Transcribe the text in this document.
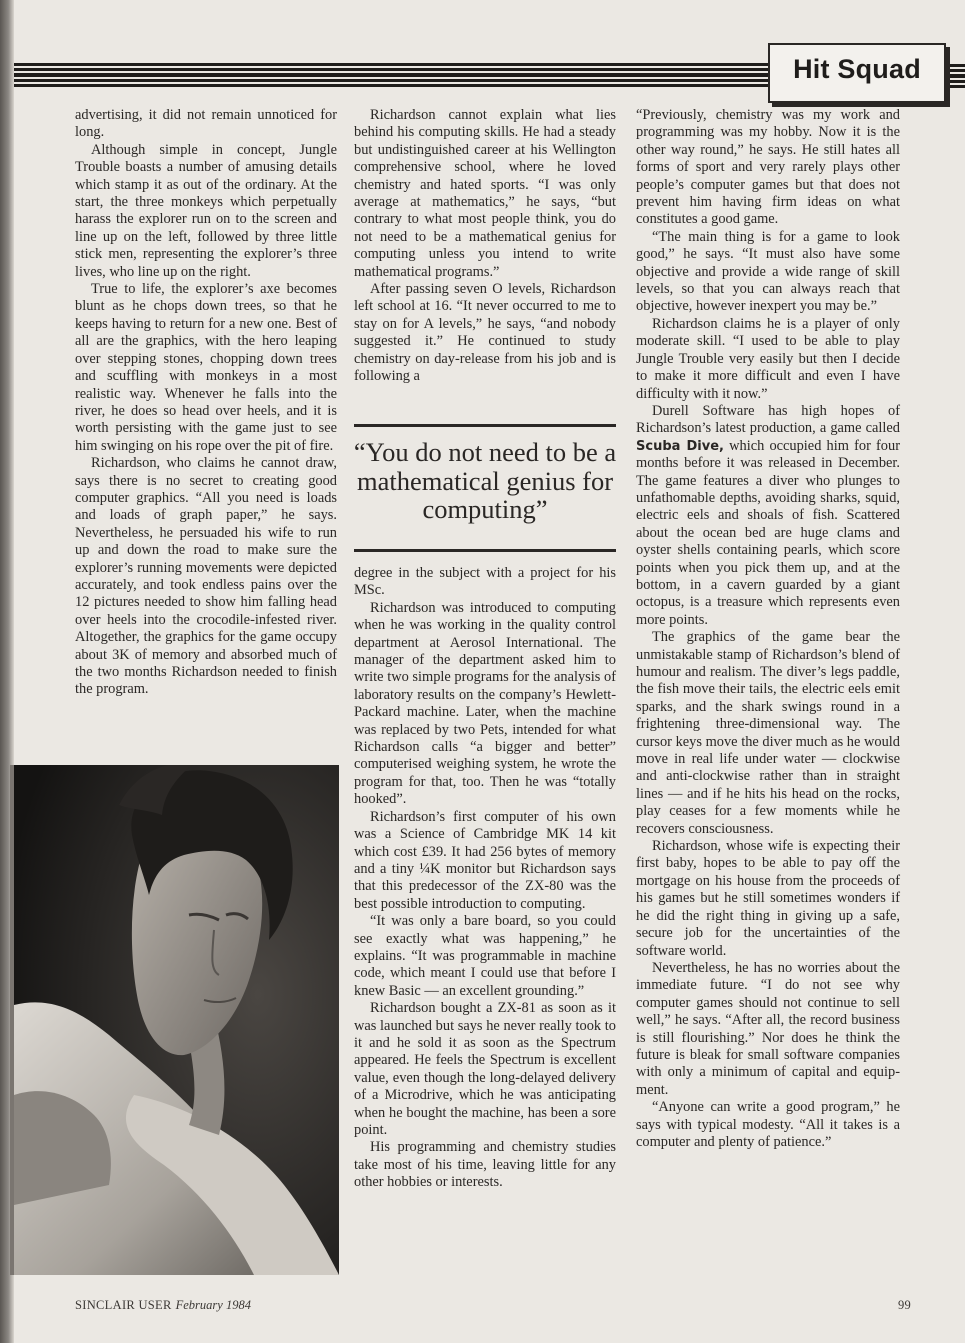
Hit Squad

advertising, it did not remain unnoticed for long.

Although simple in concept, Jungle Trouble boasts a number of amusing details which stamp it as out of the ordinary. At the start, the three monkeys which perpetually harass the explorer run on to the screen and line up on the left, followed by three little stick men, representing the explorer’s three lives, who line up on the right.

True to life, the explorer’s axe becomes blunt as he chops down trees, so that he keeps having to return for a new one. Best of all are the graphics, with the hero leaping over stepping stones, chopping down trees and scuffling with monkeys in a most realistic way. Whenever he falls into the river, he does so head over heels, and it is worth persisting with the game just to see him swinging on his rope over the pit of fire.

Richardson, who claims he cannot draw, says there is no secret to creating good computer graphics. “All you need is loads and loads of graph paper,” he says. Nevertheless, he persuaded his wife to run up and down the road to make sure the explorer’s running movements were depicted accurately, and took endless pains over the 12 pictures needed to show him falling head over heels into the crocodile-infested river. Altogether, the graphics for the game occupy about 3K of memory and absorbed much of the two months Richardson needed to finish the program.

Richardson cannot explain what lies behind his computing skills. He had a steady but undistinguished career at his Wellington comprehensive school, where he loved chemistry and hated sports. “I was only average at mathematics,” he says, “but contrary to what most people think, you do not need to be a mathematical genius for computing unless you intend to write mathematical programs.”

After passing seven O levels, Richardson left school at 16. “It never occurred to me to stay on for A levels,” he says, “and nobody suggested it.” He continued to study chemistry on day-release from his job and is following a

“You do not need to be a mathematical genius for computing”

degree in the subject with a project for his MSc.

Richardson was introduced to computing when he was working in the quality control department at Aerosol International. The manager of the department asked him to write two simple programs for the analysis of laboratory results on the company’s Hewlett-Packard machine. Later, when the machine was replaced by two Pets, intended for what Richardson calls “a bigger and better” computerised weighing system, he wrote the program for that, too. Then he was “totally hooked”.

Richardson’s first computer of his own was a Science of Cambridge MK 14 kit which cost £39. It had 256 bytes of memory and a tiny ¼K monitor but Richardson says that this predecessor of the ZX-80 was the best possible introduction to computing.

“It was only a bare board, so you could see exactly what was happening,” he explains. “It was programmable in machine code, which meant I could use that before I knew Basic — an excellent grounding.”

Richardson bought a ZX-81 as soon as it was launched but says he never really took to it and he sold it as soon as the Spectrum appeared. He feels the Spectrum is excellent value, even though the long-delayed delivery of a Microdrive, which he was anticipating when he bought the machine, has been a sore point.

His programming and chemistry studies take most of his time, leaving little for any other hobbies or interests.

“Previously, chemistry was my work and programming was my hobby. Now it is the other way round,” he says. He still hates all forms of sport and very rarely plays other people’s computer games but that does not prevent him having firm ideas on what constitutes a good game.

“The main thing is for a game to look good,” he says. “It must also have some objective and provide a wide range of skill levels, so that you can always reach that objective, however inexpert you may be.”

Richardson claims he is a player of only moderate skill. “I used to be able to play Jungle Trouble very easily but then I decide to make it more difficult and even I have difficulty with it now.”

Durell Software has high hopes of Richardson’s latest production, a game called Scuba Dive, which occupied him for four months before it was released in December. The game features a diver who plunges to unfathomable depths, avoiding sharks, squid, electric eels and shoals of fish. Scattered about the ocean bed are huge clams and oyster shells containing pearls, which score points when you pick them up, and at the bottom, in a cavern guarded by a giant octopus, is a treasure which represents even more points.

The graphics of the game bear the unmistakable stamp of Richardson’s blend of humour and realism. The diver’s legs paddle, the fish move their tails, the electric eels emit sparks, and the shark swings round in a frightening three-dimensional way. The cursor keys move the diver much as he would move in real life under water — clockwise and anti-clockwise rather than in straight lines — and if he hits his head on the rocks, play ceases for a few moments while he recovers consciousness.

Richardson, whose wife is expecting their first baby, hopes to be able to pay off the mortgage on his house from the proceeds of his games but he still sometimes wonders if he did the right thing in giving up a safe, secure job for the uncertainties of the software world.

Nevertheless, he has no worries about the immediate future. “I do not see why computer games should not continue to sell well,” he says. “After all, the record business is still flourishing.” Nor does he think the future is bleak for small software companies with only a minimum of capital and equipment.

“Anyone can write a good program,” he says with typical modesty. “All it takes is a computer and plenty of patience.”

SINCLAIR USER February 1984	99
